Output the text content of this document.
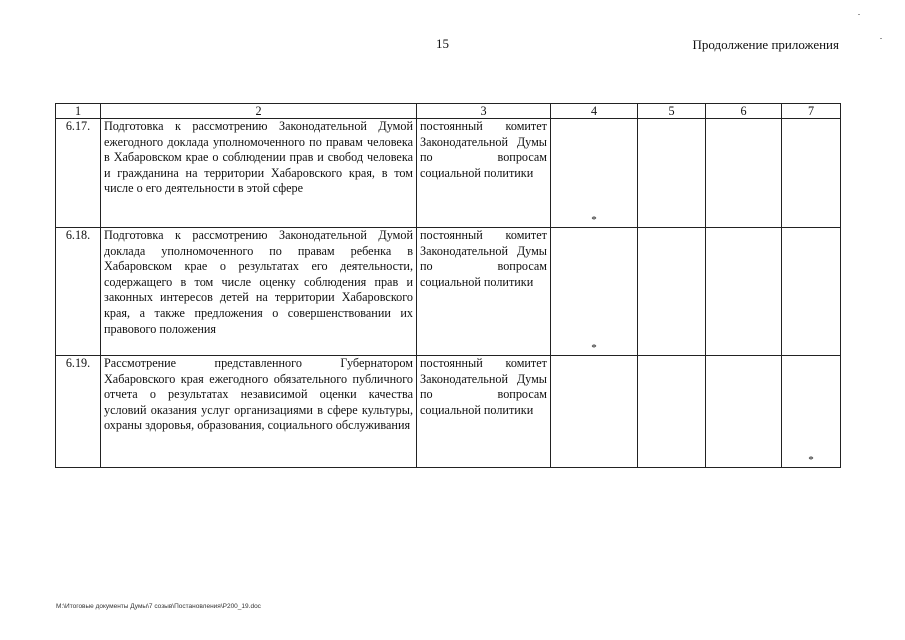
15	Продолжение приложения
1	2	3	4	5	6	7
6.17.	Подготовка к рассмотрению Законодательной Думой ежегодного доклада уполномоченного по правам человека в Хабаровском крае о соблюдении прав и свобод человека и гражданина на территории Хабаровского края, в том числе о его деятельности в этой сфере	постоянный комитет Законодательной Думы по вопросам социальной политики	*			
6.18.	Подготовка к рассмотрению Законодательной Думой доклада уполномоченного по правам ребенка в Хабаровском крае о результатах его деятельности, содержащего в том числе оценку соблюдения прав и законных интересов детей на территории Хабаровского края, а также предложения о совершенствовании их правового положения	постоянный комитет Законодательной Думы по вопросам социальной политики	*			
6.19.	Рассмотрение представленного Губернатором Хабаровского края ежегодного обязательного публичного отчета о результатах независимой оценки качества условий оказания услуг организациями в сфере культуры, охраны здоровья, образования, социального обслуживания	постоянный комитет Законодательной Думы по вопросам социальной политики				*
M:\Итоговые документы Думы\7 созыв\Постановления\P200_19.doc
